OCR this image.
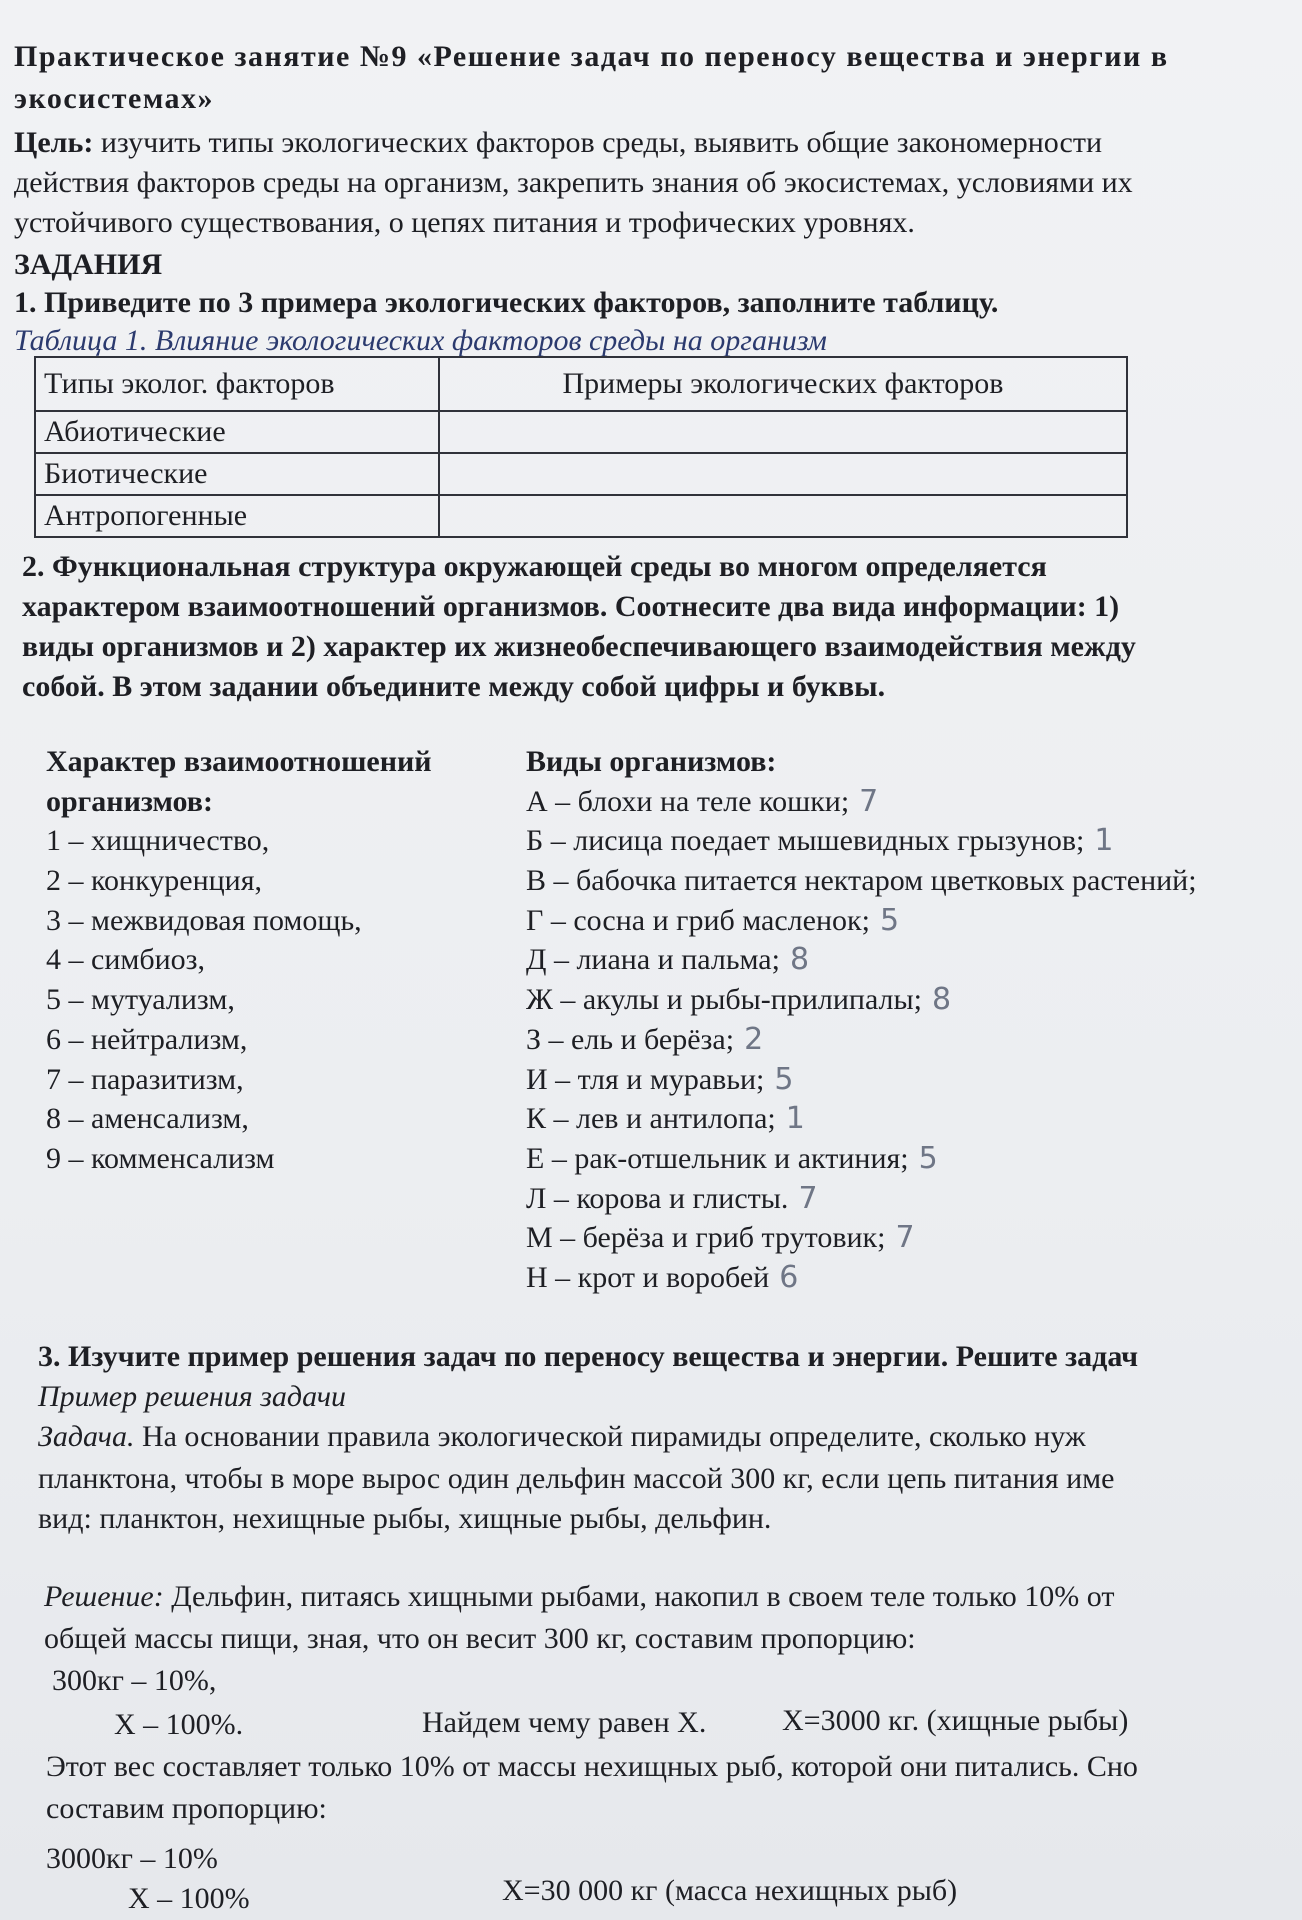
Практическое занятие №9 «Решение задач по переносу вещества и энергии в
экосистемах»
Цель: изучить типы экологических факторов среды, выявить общие закономерности
действия факторов среды на организм, закрепить знания об экосистемах, условиями их
устойчивого существования, о цепях питания и трофических уровнях.
ЗАДАНИЯ
1. Приведите по 3 примера экологических факторов, заполните таблицу.
Таблица 1. Влияние экологических факторов среды на организм
Типы эколог. факторов	Примеры экологических факторов
Абиотические	
Биотические	
Антропогенные	
2. Функциональная структура окружающей среды во многом определяется
характером взаимоотношений организмов. Соотнесите два вида информации: 1)
виды организмов и 2) характер их жизнеобеспечивающего взаимодействия между
собой. В этом задании объедините между собой цифры и буквы.
Характер взаимоотношений
организмов:
1 – хищничество,
2 – конкуренция,
3 – межвидовая помощь,
4 – симбиоз,
5 – мутуализм,
6 – нейтрализм,
7 – паразитизм,
8 – аменсализм,
9 – комменсализм
Виды организмов:
А – блохи на теле кошки; 7
Б – лисица поедает мышевидных грызунов; 1
В – бабочка питается нектаром цветковых растений;
Г – сосна и гриб масленок; 5
Д – лиана и пальма; 8
Ж – акулы и рыбы-прилипалы; 8
З – ель и берёза; 2
И – тля и муравьи; 5
К – лев и антилопа; 1
Е – рак-отшельник и актиния; 5
Л – корова и глисты. 7
М – берёза и гриб трутовик; 7
Н – крот и воробей 6
3. Изучите пример решения задач по переносу вещества и энергии. Решите задач
Пример решения задачи
Задача. На основании правила экологической пирамиды определите, сколько нуж
планктона, чтобы в море вырос один дельфин массой 300 кг, если цепь питания име
вид: планктон, нехищные рыбы, хищные рыбы, дельфин.
Решение: Дельфин, питаясь хищными рыбами, накопил в своем теле только 10% от
общей массы пищи, зная, что он весит 300 кг, составим пропорцию:
300кг – 10%,
Х – 100%.	Найдем чему равен Х.	Х=3000 кг. (хищные рыбы)
Этот вес составляет только 10% от массы нехищных рыб, которой они питались. Сно
составим пропорцию:
3000кг – 10%
Х – 100%	Х=30 000 кг (масса нехищных рыб)
